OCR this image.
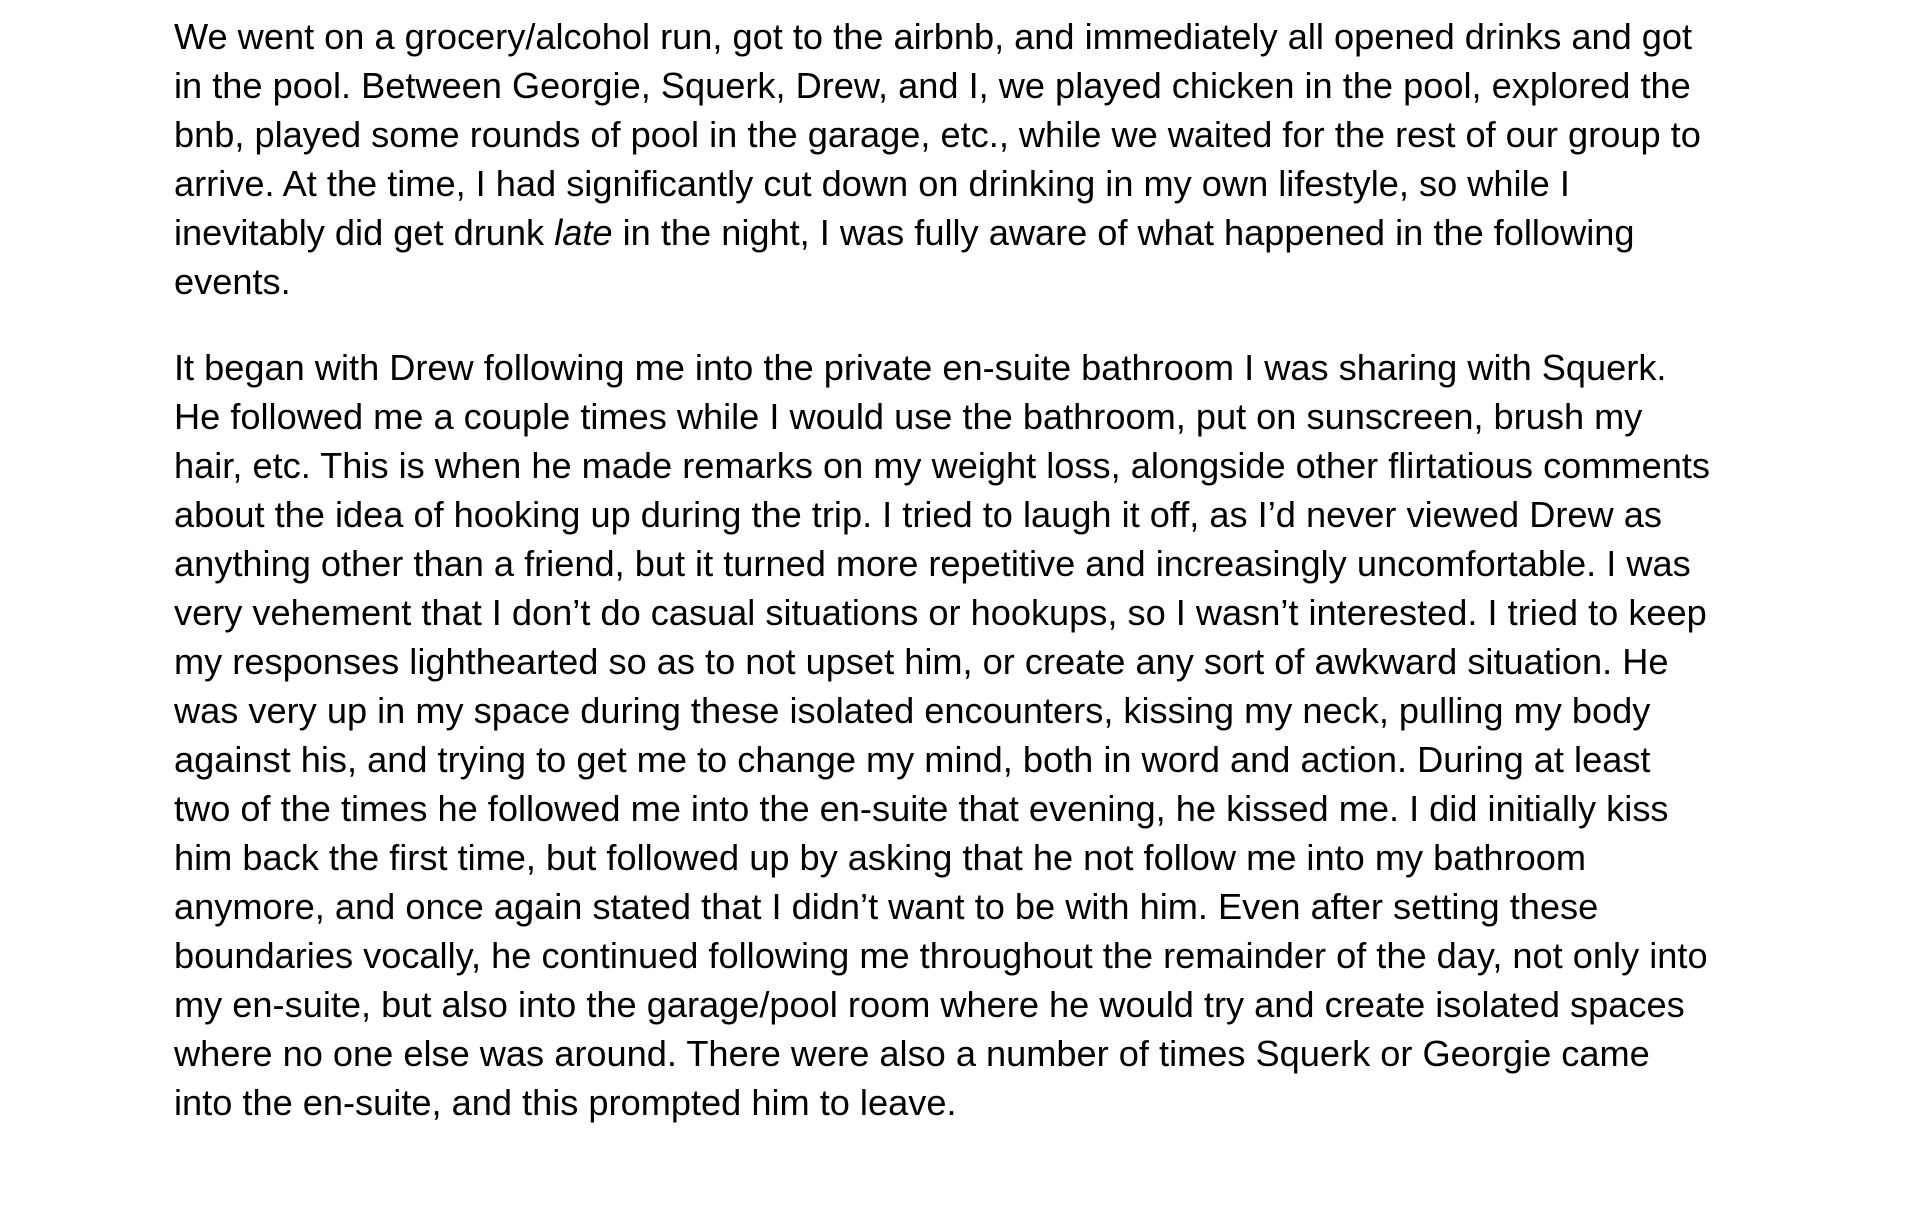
We went on a grocery/alcohol run, got to the airbnb, and immediately all opened drinks and got
in the pool. Between Georgie, Squerk, Drew, and I, we played chicken in the pool, explored the
bnb, played some rounds of pool in the garage, etc., while we waited for the rest of our group to
arrive. At the time, I had significantly cut down on drinking in my own lifestyle, so while I
inevitably did get drunk late in the night, I was fully aware of what happened in the following
events.

It began with Drew following me into the private en-suite bathroom I was sharing with Squerk.
He followed me a couple times while I would use the bathroom, put on sunscreen, brush my
hair, etc. This is when he made remarks on my weight loss, alongside other flirtatious comments
about the idea of hooking up during the trip. I tried to laugh it off, as I’d never viewed Drew as
anything other than a friend, but it turned more repetitive and increasingly uncomfortable. I was
very vehement that I don’t do casual situations or hookups, so I wasn’t interested. I tried to keep
my responses lighthearted so as to not upset him, or create any sort of awkward situation. He
was very up in my space during these isolated encounters, kissing my neck, pulling my body
against his, and trying to get me to change my mind, both in word and action. During at least
two of the times he followed me into the en-suite that evening, he kissed me. I did initially kiss
him back the first time, but followed up by asking that he not follow me into my bathroom
anymore, and once again stated that I didn’t want to be with him. Even after setting these
boundaries vocally, he continued following me throughout the remainder of the day, not only into
my en-suite, but also into the garage/pool room where he would try and create isolated spaces
where no one else was around. There were also a number of times Squerk or Georgie came
into the en-suite, and this prompted him to leave.
